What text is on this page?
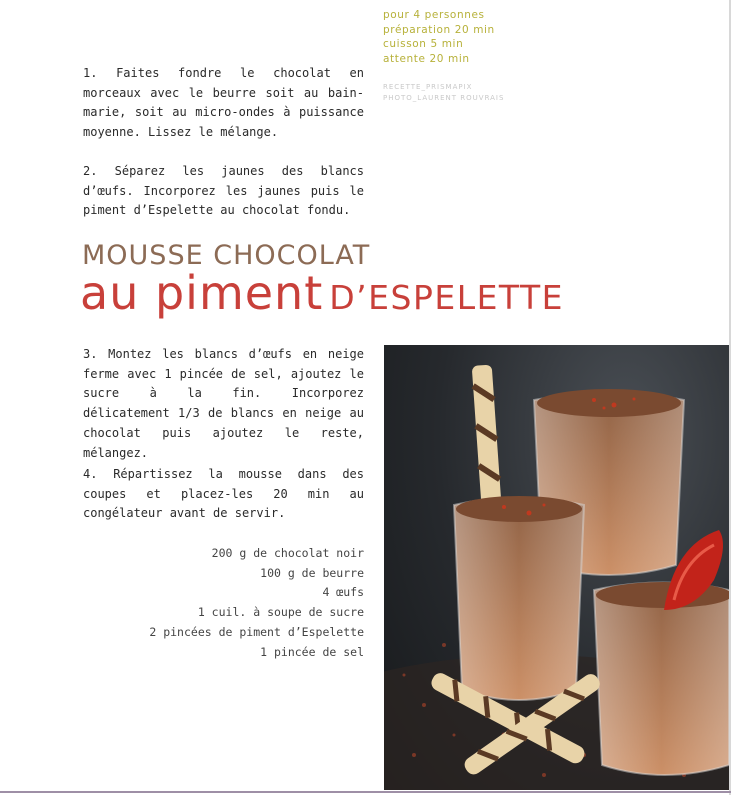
pour 4 personnes
préparation 20 min
cuisson 5 min
attente 20 min
RECETTE_PRISMAPIX
PHOTO_LAURENT ROUVRAIS

1. Faites fondre le chocolat en morceaux avec le beurre soit au bain-marie, soit au micro-ondes à puissance moyenne. Lissez le mélange.

2. Séparez les jaunes des blancs d’œufs. Incorporez les jaunes puis le piment d’Espelette au chocolat fondu.

MOUSSE CHOCOLAT
au piment D’ESPELETTE

3. Montez les blancs d’œufs en neige ferme avec 1 pincée de sel, ajoutez le sucre à la fin. Incorporez délicatement 1/3 de blancs en neige au chocolat puis ajoutez le reste, mélangez.

4. Répartissez la mousse dans des coupes et placez-les 20 min au congélateur avant de servir.

200 g de chocolat noir
100 g de beurre
4 œufs
1 cuil. à soupe de sucre
2 pincées de piment d’Espelette
1 pincée de sel
